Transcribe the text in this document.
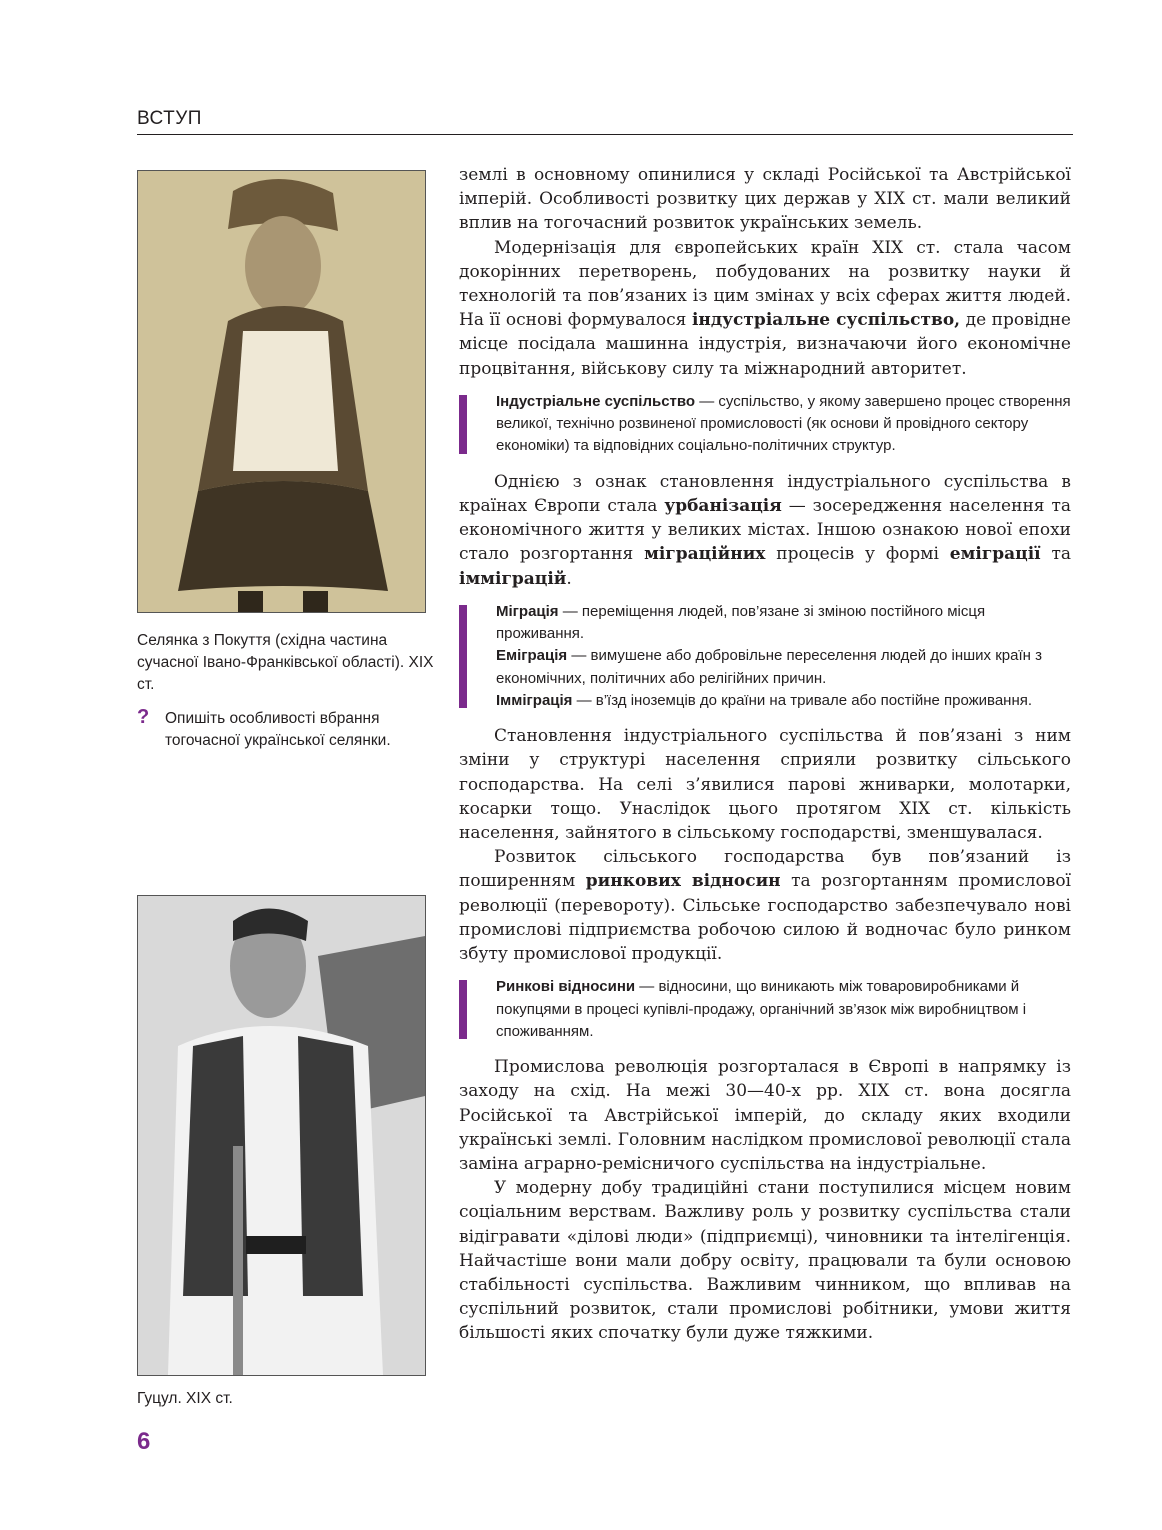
ВСТУП
Селянка з Покуття (східна частина сучасної Івано-Франківської області). ХІХ ст.
?	Опишіть особливості вбрання тогочасної української селянки.
Гуцул. ХІХ ст.

землі в основному опинилися у складі Російської та Австрійської імперій. Особливості розвитку цих держав у ХІХ ст. мали великий вплив на тогочасний розвиток українських земель.

Модернізація для європейських країн ХІХ ст. стала часом докорінних перетворень, побудованих на розвитку науки й технологій та пов’язаних із цим змінах у всіх сферах життя людей. На її основі формувалося індустріальне суспільство, де провідне місце посідала машинна індустрія, визначаючи його економічне процвітання, військову силу та міжнародний авторитет.

Індустріальне суспільство — суспільство, у якому завершено процес створення великої, технічно розвиненої промисловості (як основи й провідного сектору економіки) та відповідних соціально-політичних структур.

Однією з ознак становлення індустріального суспільства в країнах Європи стала урбанізація — зосередження населення та економічного життя у великих містах. Іншою ознакою нової епохи стало розгортання міграційних процесів у формі еміграції та імміграцій.

Міграція — переміщення людей, пов’язане зі зміною постійного місця проживання.

Еміграція — вимушене або добровільне переселення людей до інших країн з економічних, політичних або релігійних причин.

Імміграція — в’їзд іноземців до країни на тривале або постійне проживання.

Становлення індустріального суспільства й пов’язані з ним зміни у структурі населення сприяли розвитку сільського господарства. На селі з’явилися парові жниварки, молотарки, косарки тощо. Унаслідок цього протягом ХІХ ст. кількість населення, зайнятого в сільському господарстві, зменшувалася.

Розвиток сільського господарства був пов’язаний із поширенням ринкових відносин та розгортанням промислової революції (перевороту). Сільське господарство забезпечувало нові промислові підприємства робочою силою й водночас було ринком збуту промислової продукції.

Ринкові відносини — відносини, що виникають між товаровиробниками й покупцями в процесі купівлі-продажу, органічний зв’язок між виробництвом і споживанням.

Промислова революція розгорталася в Європі в напрямку із заходу на схід. На межі 30—40-х рр. ХІХ ст. вона досягла Російської та Австрійської імперій, до складу яких входили українські землі. Головним наслідком промислової революції стала заміна аграрно-ремісничого суспільства на індустріальне.

У модерну добу традиційні стани поступилися місцем новим соціальним верствам. Важливу роль у розвитку суспільства стали відігравати «ділові люди» (підприємці), чиновники та інтелігенція. Найчастіше вони мали добру освіту, працювали та були основою стабільності суспільства. Важливим чинником, що впливав на суспільний розвиток, стали промислові робітники, умови життя більшості яких спочатку були дуже тяжкими.

6
